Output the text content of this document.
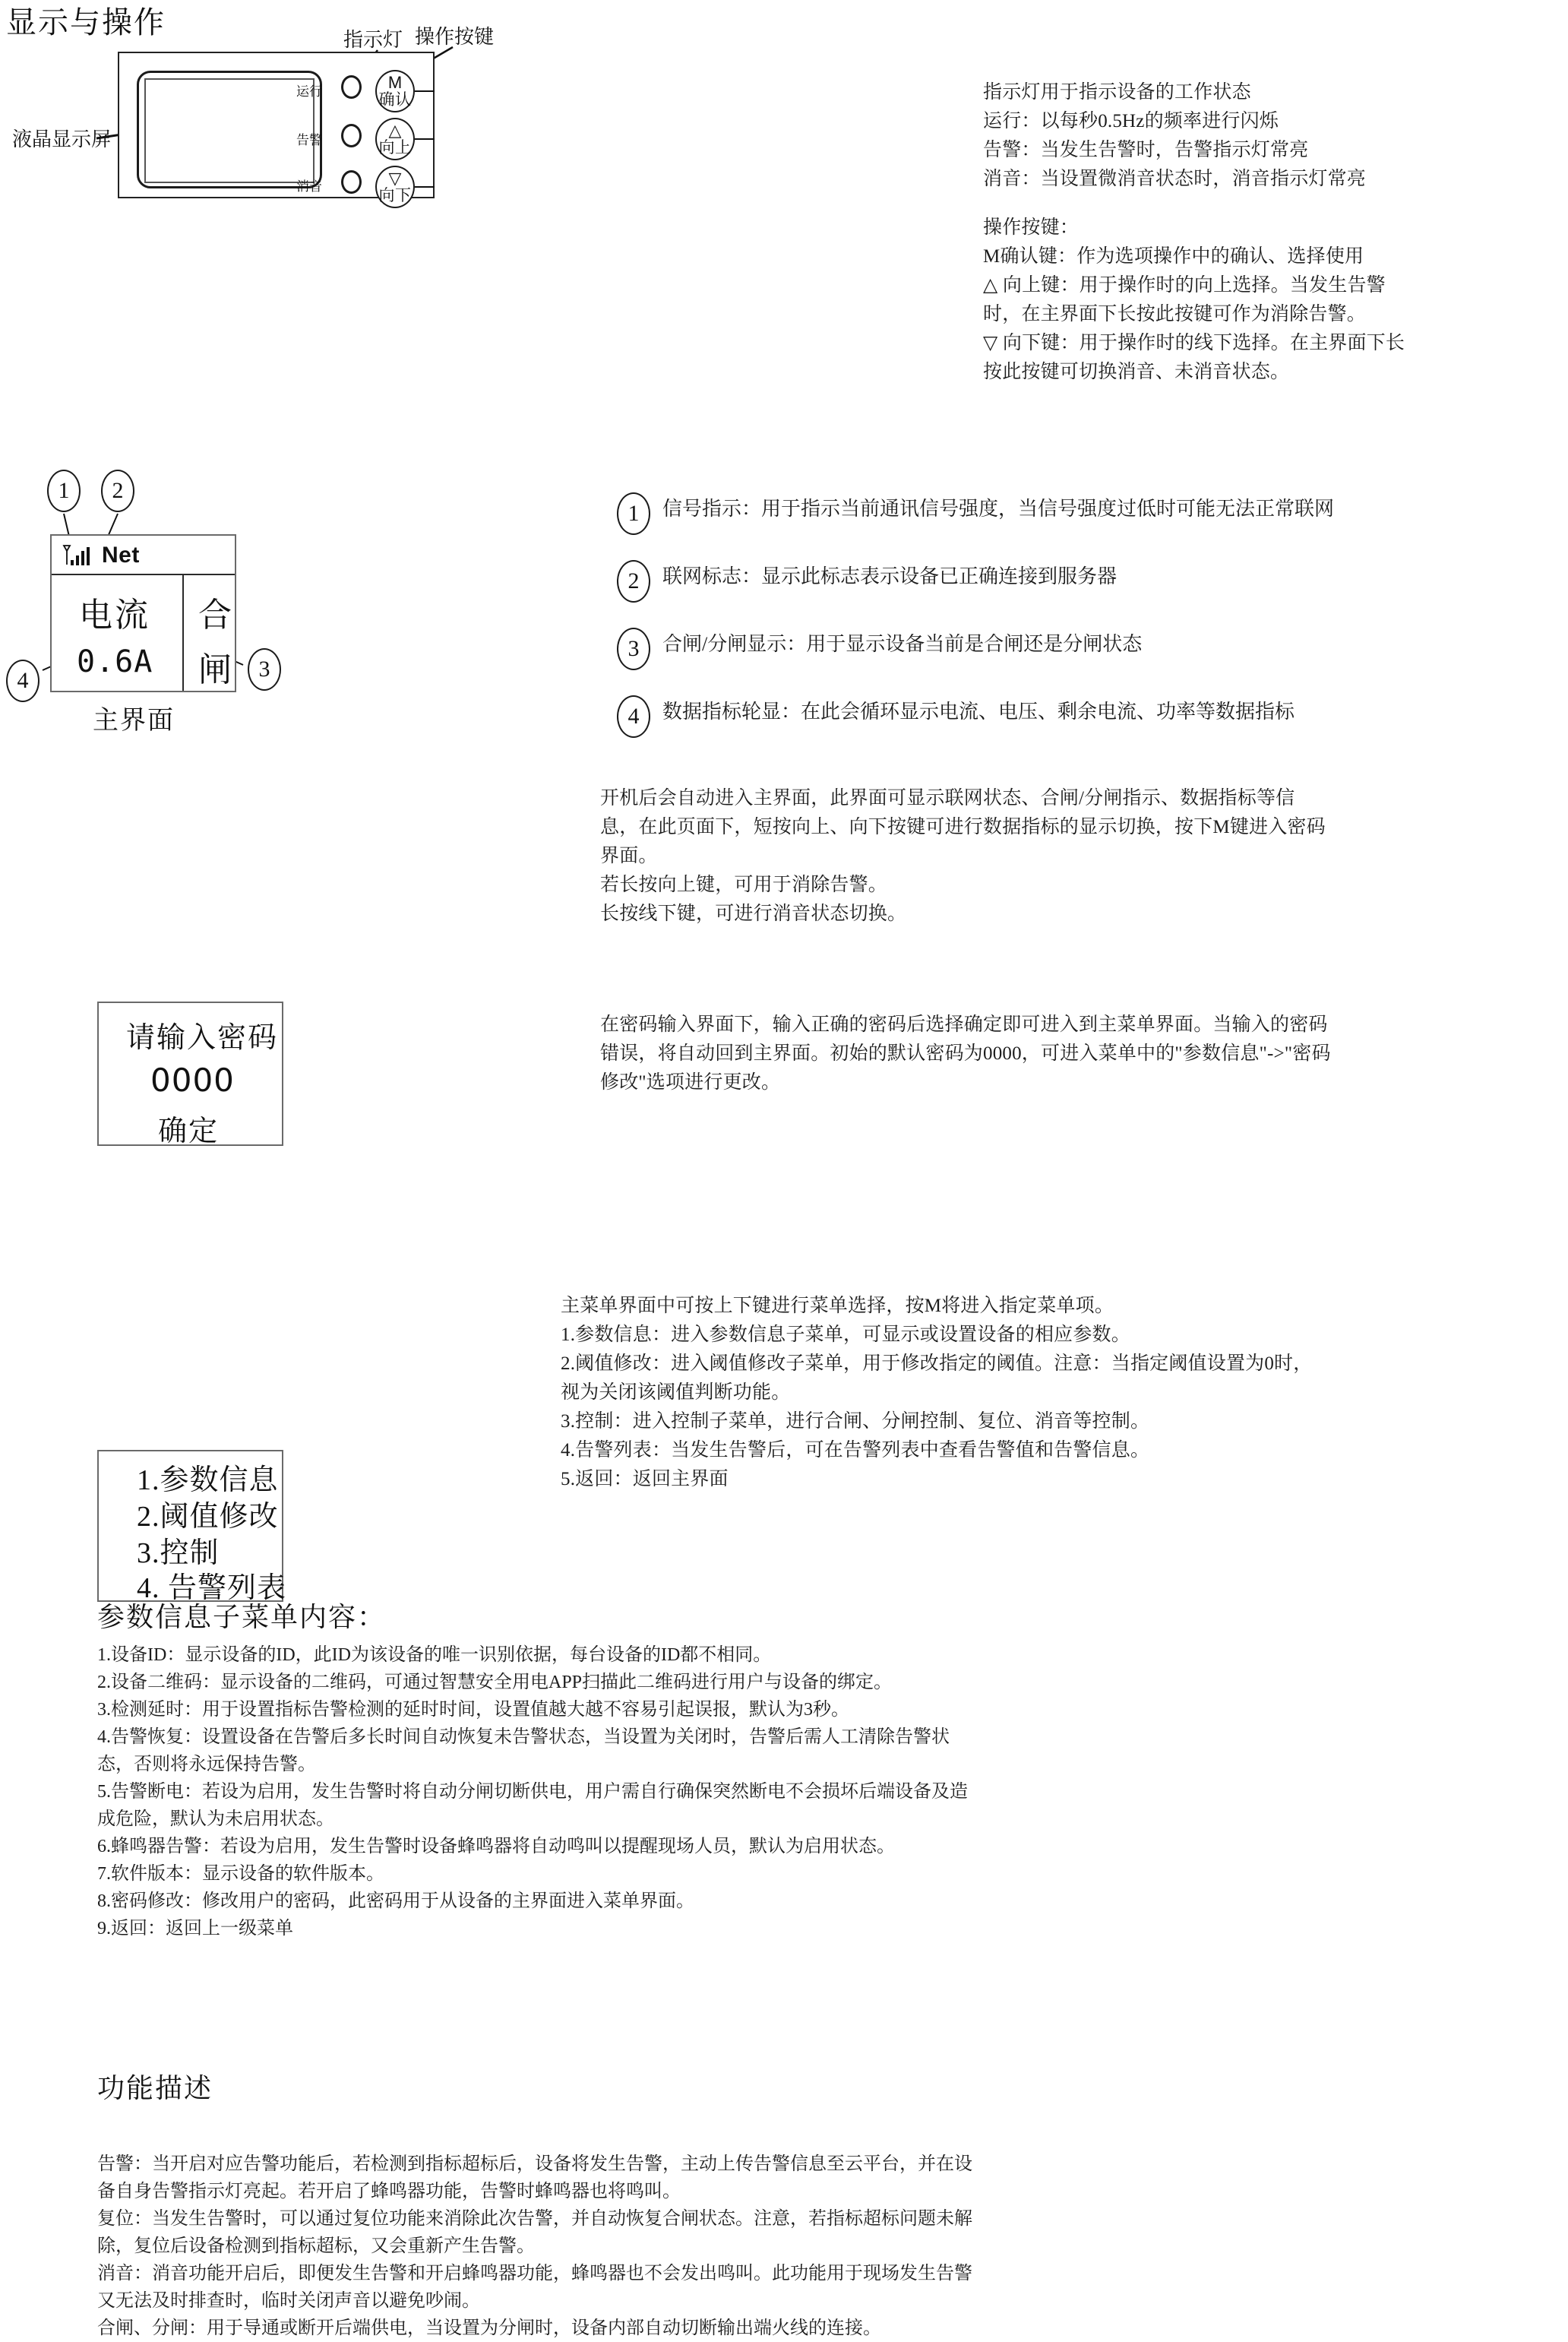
显示与操作
指示灯 操作按键
液晶显示屏
运行
告警
消音
M
确认
△
向上
▽
向下

指示灯用于指示设备的工作状态

运行：以每秒0.5Hz的频率进行闪烁

告警：当发生告警时，告警指示灯常亮

消音：当设置微消音状态时，消音指示灯常亮

操作按键：

M确认键：作为选项操作中的确认、选择使用

△ 向上键：用于操作时的向上选择。当发生告警

时，在主界面下长按此按键可作为消除告警。

▽ 向下键：用于操作时的线下选择。在主界面下长

按此按键可切换消音、未消音状态。

1	2
3
4
Net
电流
0.6A
合
闸
主界面
1	信号指示：用于指示当前通讯信号强度，当信号强度过低时可能无法正常联网
2	联网标志：显示此标志表示设备已正确连接到服务器
3	合闸/分闸显示：用于显示设备当前是合闸还是分闸状态
4	数据指标轮显：在此会循环显示电流、电压、剩余电流、功率等数据指标

开机后会自动进入主界面，此界面可显示联网状态、合闸/分闸指示、数据指标等信

息，在此页面下，短按向上、向下按键可进行数据指标的显示切换，按下M键进入密码

界面。

若长按向上键，可用于消除告警。

长按线下键，可进行消音状态切换。

请输入密码
0000
确定

在密码输入界面下，输入正确的密码后选择确定即可进入到主菜单界面。当输入的密码

错误，将自动回到主界面。初始的默认密码为0000，可进入菜单中的"参数信息"->"密码

修改"选项进行更改。

1.参数信息
2.阈值修改
3.控制
4. 告警列表

主菜单界面中可按上下键进行菜单选择，按M将进入指定菜单项。

1.参数信息：进入参数信息子菜单，可显示或设置设备的相应参数。

2.阈值修改：进入阈值修改子菜单，用于修改指定的阈值。注意：当指定阈值设置为0时，

视为关闭该阈值判断功能。

3.控制：进入控制子菜单，进行合闸、分闸控制、复位、消音等控制。

4.告警列表：当发生告警后，可在告警列表中查看告警值和告警信息。

5.返回：返回主界面

参数信息子菜单内容：

1.设备ID：显示设备的ID，此ID为该设备的唯一识别依据，每台设备的ID都不相同。

2.设备二维码：显示设备的二维码，可通过智慧安全用电APP扫描此二维码进行用户与设备的绑定。

3.检测延时：用于设置指标告警检测的延时时间，设置值越大越不容易引起误报，默认为3秒。

4.告警恢复：设置设备在告警后多长时间自动恢复未告警状态，当设置为关闭时，告警后需人工清除告警状

态，否则将永远保持告警。

5.告警断电：若设为启用，发生告警时将自动分闸切断供电，用户需自行确保突然断电不会损坏后端设备及造

成危险，默认为未启用状态。

6.蜂鸣器告警：若设为启用，发生告警时设备蜂鸣器将自动鸣叫以提醒现场人员，默认为启用状态。

7.软件版本：显示设备的软件版本。

8.密码修改：修改用户的密码，此密码用于从设备的主界面进入菜单界面。

9.返回：返回上一级菜单

功能描述

告警：当开启对应告警功能后，若检测到指标超标后，设备将发生告警，主动上传告警信息至云平台，并在设

备自身告警指示灯亮起。若开启了蜂鸣器功能，告警时蜂鸣器也将鸣叫。

复位：当发生告警时，可以通过复位功能来消除此次告警，并自动恢复合闸状态。注意，若指标超标问题未解

除，复位后设备检测到指标超标，又会重新产生告警。

消音：消音功能开启后，即便发生告警和开启蜂鸣器功能，蜂鸣器也不会发出鸣叫。此功能用于现场发生告警

又无法及时排查时，临时关闭声音以避免吵闹。

合闸、分闸：用于导通或断开后端供电，当设置为分闸时，设备内部自动切断输出端火线的连接。
